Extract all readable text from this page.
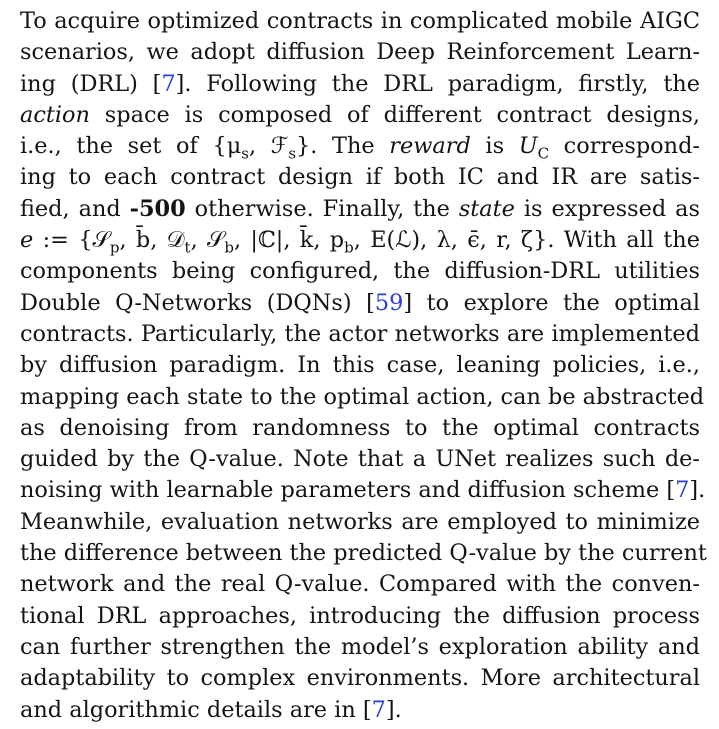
To acquire optimized contracts in complicated mobile AIGC
scenarios, we adopt diffusion Deep Reinforcement Learn-
ing (DRL) [7]. Following the DRL paradigm, firstly, the
action space is composed of different contract designs,
i.e., the set of {$\mu_s$, ℱ$_s$}. The reward is $U_C$ correspond-
ing to each contract design if both IC and IR are satis-
fied, and -500 otherwise. Finally, the state is expressed as
e := {𝒮$_p$, b̄, 𝒟$_t$, 𝒮$_b$, |ℂ|, k̄, $p_b$, E(ℒ), λ, ϵ̄, r, ζ}. With all the
components being configured, the diffusion-DRL utilities
Double Q-Networks (DQNs) [59] to explore the optimal
contracts. Particularly, the actor networks are implemented
by diffusion paradigm. In this case, leaning policies, i.e.,
mapping each state to the optimal action, can be abstracted
as denoising from randomness to the optimal contracts
guided by the Q-value. Note that a UNet realizes such de-
noising with learnable parameters and diffusion scheme [7].
Meanwhile, evaluation networks are employed to minimize
the difference between the predicted Q-value by the current
network and the real Q-value. Compared with the conven-
tional DRL approaches, introducing the diffusion process
can further strengthen the model’s exploration ability and
adaptability to complex environments. More architectural
and algorithmic details are in [7].
